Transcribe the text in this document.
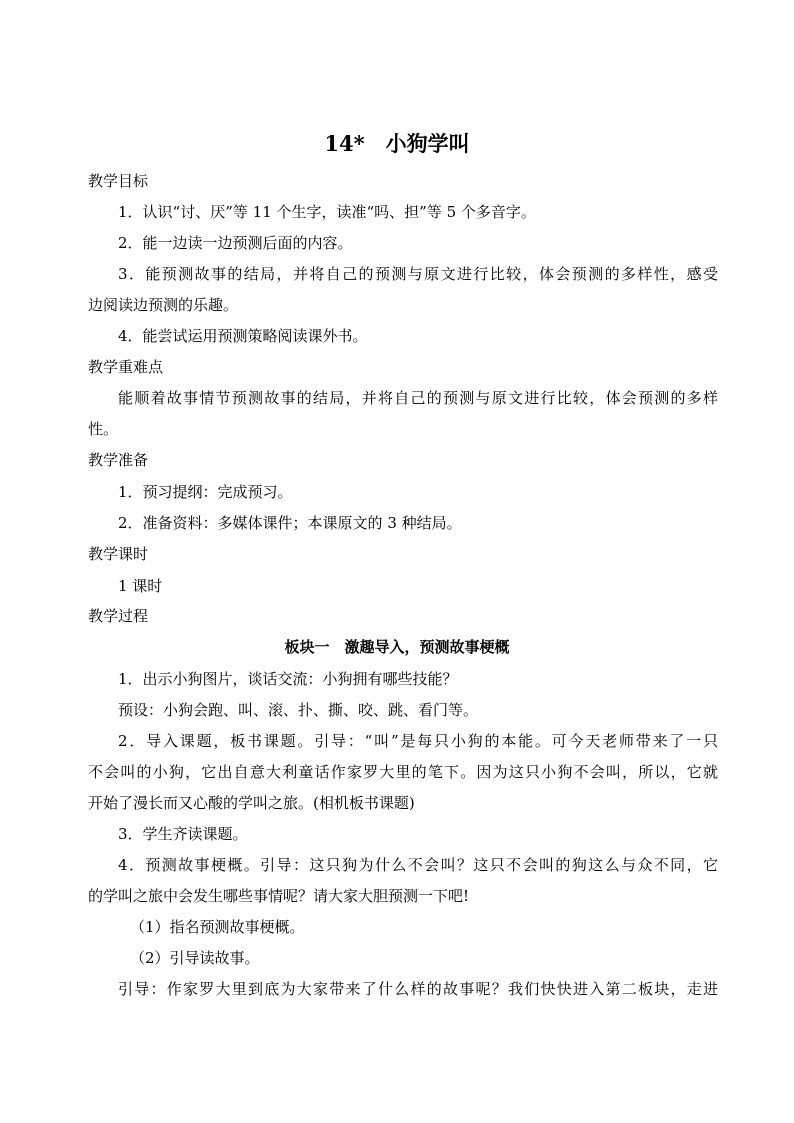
14*　小狗学叫
教学目标
1．认识“讨、厌”等 11 个生字，读准“吗、担”等 5 个多音字。
2．能一边读一边预测后面的内容。
3．能预测故事的结局，并将自己的预测与原文进行比较，体会预测的多样性，感受
边阅读边预测的乐趣。
4．能尝试运用预测策略阅读课外书。
教学重难点
能顺着故事情节预测故事的结局，并将自己的预测与原文进行比较，体会预测的多样
性。
教学准备
1．预习提纲：完成预习。
2．准备资料：多媒体课件；本课原文的 3 种结局。
教学课时
1 课时
教学过程
板块一　激趣导入，预测故事梗概
1．出示小狗图片，谈话交流：小狗拥有哪些技能？
预设：小狗会跑、叫、滚、扑、撕、咬、跳、看门等。
2．导入课题，板书课题。引导：“叫”是每只小狗的本能。可今天老师带来了一只
不会叫的小狗，它出自意大利童话作家罗大里的笔下。因为这只小狗不会叫，所以，它就
开始了漫长而又心酸的学叫之旅。(相机板书课题)
3．学生齐读课题。
4．预测故事梗概。引导：这只狗为什么不会叫？这只不会叫的狗这么与众不同，它
的学叫之旅中会发生哪些事情呢？请大家大胆预测一下吧!
（1）指名预测故事梗概。
（2）引导读故事。
引导：作家罗大里到底为大家带来了什么样的故事呢？我们快快进入第二板块，走进
